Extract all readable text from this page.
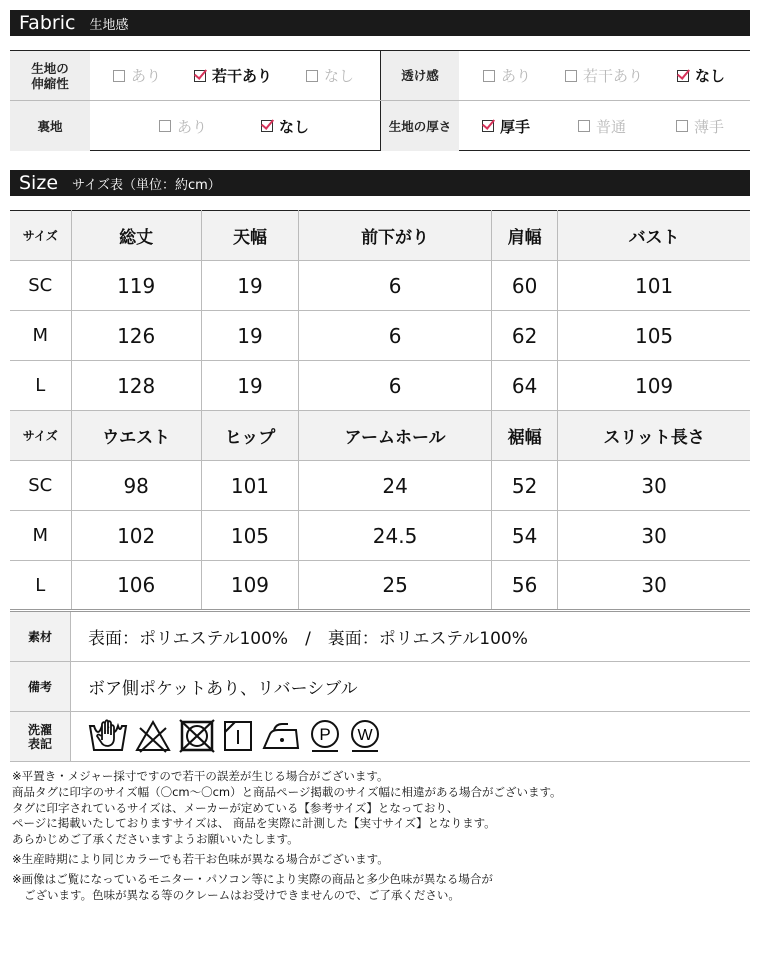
Fabric 生地感
生地の
伸縮性	あり	若干あり	なし	透け感	あり	若干あり	なし
裏地	あり	なし	生地の厚さ	厚手	普通	薄手
Size サイズ表（単位：約cm）
サイズ	総丈	天幅	前下がり	肩幅	バスト
SC	119	19	6	60	101
M	126	19	6	62	105
L	128	19	6	64	109
サイズ	ウエスト	ヒップ	アームホール	裾幅	スリット長さ
SC	98	101	24	52	30
M	102	105	24.5	54	30
L	106	109	25	56	30
素材	表面：ポリエステル100%　/　裏面：ポリエステル100%
備考	ボア側ポケットあり、リバーシブル
洗濯
表記	P W

※平置き・メジャー採寸ですので若干の誤差が生じる場合がございます。

商品タグに印字のサイズ幅（〇cm〜〇cm）と商品ページ掲載のサイズ幅に相違がある場合がございます。

タグに印字されているサイズは、メーカーが定めている【参考サイズ】となっており、

ページに掲載いたしておりますサイズは、 商品を実際に計測した【実寸サイズ】となります。

あらかじめご了承くださいますようお願いいたします。

※生産時期により同じカラーでも若干お色味が異なる場合がございます。

※画像はご覧になっているモニター・パソコン等により実際の商品と多少色味が異なる場合が

ございます。色味が異なる等のクレームはお受けできませんので、ご了承ください。
